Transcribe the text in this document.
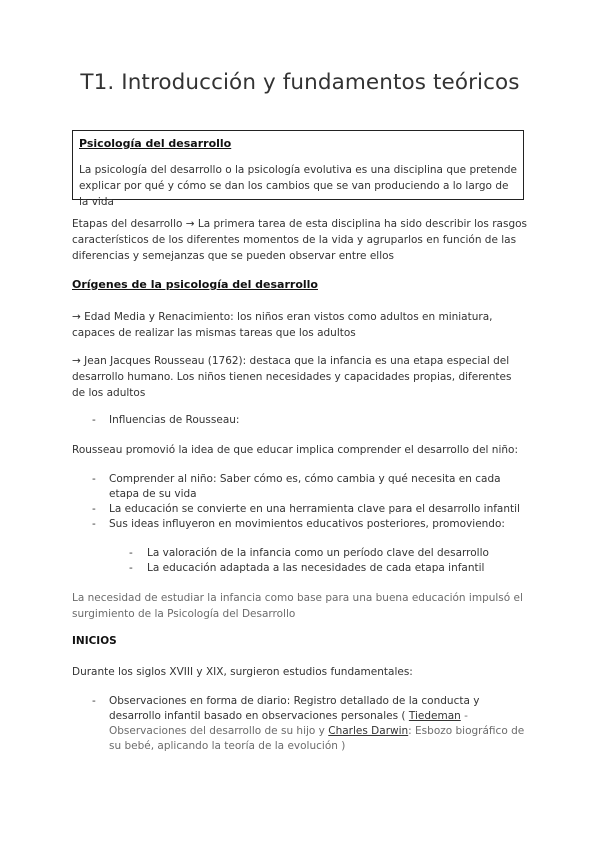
T1. Introducción y fundamentos teóricos
Psicología del desarrollo
La psicología del desarrollo o la psicología evolutiva es una disciplina que pretende explicar por qué y cómo se dan los cambios que se van produciendo a lo largo de la vida
Etapas del desarrollo → La primera tarea de esta disciplina ha sido describir los rasgos característicos de los diferentes momentos de la vida y agruparlos en función de las diferencias y semejanzas que se pueden observar entre ellos
Orígenes de la psicología del desarrollo
→ Edad Media y Renacimiento: los niños eran vistos como adultos en miniatura, capaces de realizar las mismas tareas que los adultos
→ Jean Jacques Rousseau (1762): destaca que la infancia es una etapa especial del desarrollo humano. Los niños tienen necesidades y capacidades propias, diferentes de los adultos
-	Influencias de Rousseau:
Rousseau promovió la idea de que educar implica comprender el desarrollo del niño:
-	Comprender al niño: Saber cómo es, cómo cambia y qué necesita en cada etapa de su vida
-	La educación se convierte en una herramienta clave para el desarrollo infantil
-	Sus ideas influyeron en movimientos educativos posteriores, promoviendo:
-	La valoración de la infancia como un período clave del desarrollo
-	La educación adaptada a las necesidades de cada etapa infantil
La necesidad de estudiar la infancia como base para una buena educación impulsó el surgimiento de la Psicología del Desarrollo
INICIOS
Durante los siglos XVIII y XIX, surgieron estudios fundamentales:
-	Observaciones en forma de diario: Registro detallado de la conducta y desarrollo infantil basado en observaciones personales ( Tiedeman - Observaciones del desarrollo de su hijo y Charles Darwin: Esbozo biográfico de su bebé, aplicando la teoría de la evolución )
